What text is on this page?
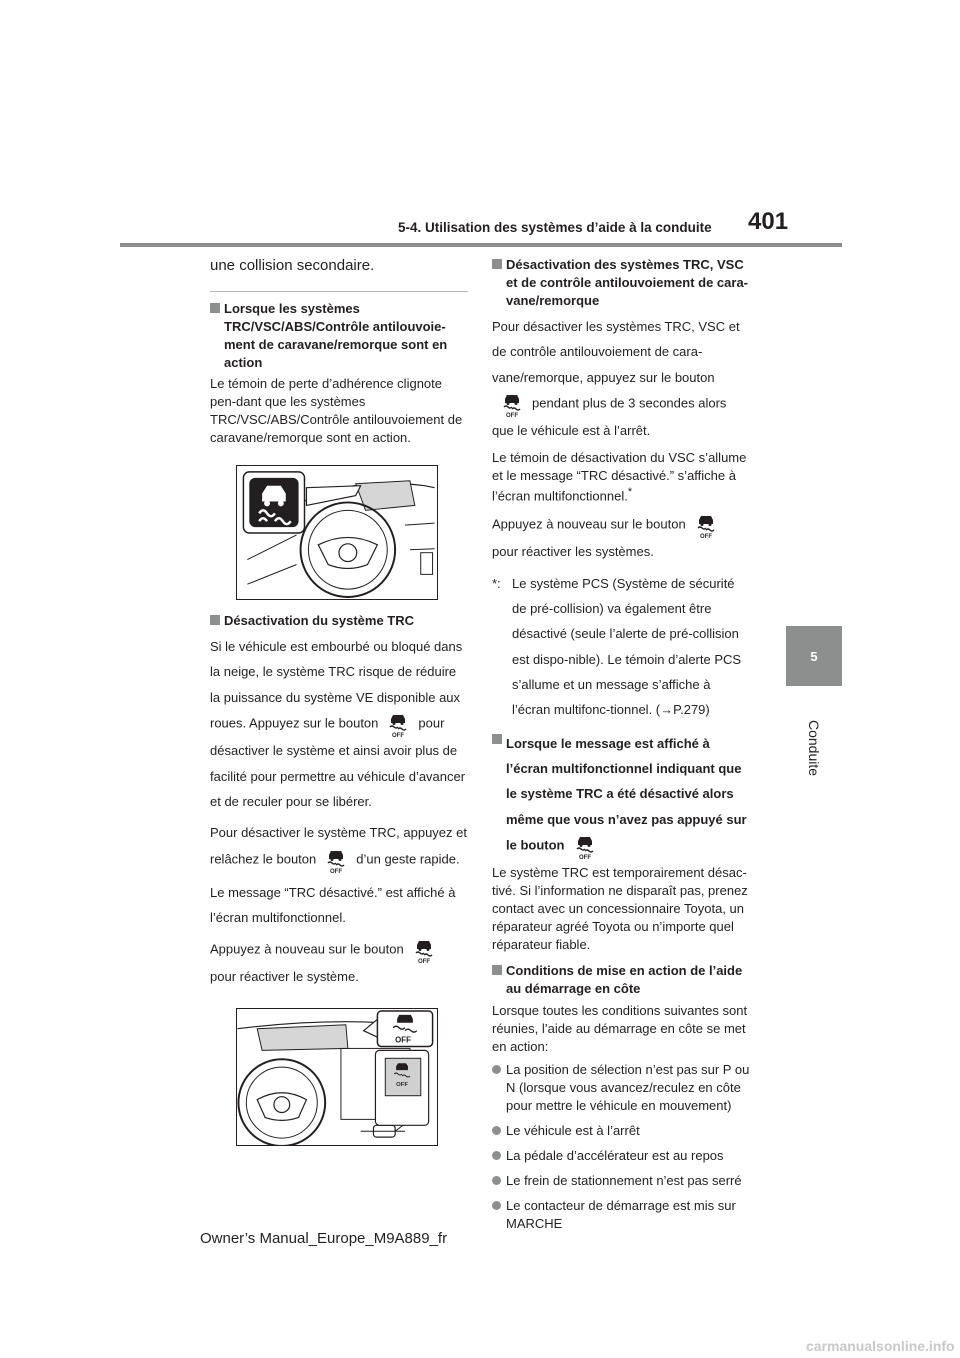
5-4. Utilisation des systèmes d’aide à la conduite 401
5
Conduite

une collision secondaire.

Lorsque les systèmes TRC/VSC/ABS/Contrôle antilouvoie-ment de caravane/remorque sont en action

Le témoin de perte d’adhérence clignote pen-dant que les systèmes TRC/VSC/ABS/Contrôle antilouvoiement de caravane/remorque sont en action.

Désactivation du système TRC

Si le véhicule est embourbé ou bloqué dans la neige, le système TRC risque de réduire la puissance du système VE disponible aux roues. Appuyez sur le bouton
OFF
pour désactiver le système et ainsi avoir plus de facilité pour permettre au véhicule d’avancer et de reculer pour se libérer.

Pour désactiver le système TRC, appuyez et relâchez le bouton
OFF
d’un geste rapide.

Le message “TRC désactivé.” est affiché à l’écran multifonctionnel.

Appuyez à nouveau sur le bouton
OFF
pour réactiver le système.

OFF
OFF
Désactivation des systèmes TRC, VSC et de contrôle antilouvoiement de cara-vane/remorque

Pour désactiver les systèmes TRC, VSC et de contrôle antilouvoiement de cara-vane/remorque, appuyez sur le bouton
OFF
pendant plus de 3 secondes alors que le véhicule est à l’arrêt.

Le témoin de désactivation du VSC s’allume et le message “TRC désactivé.” s’affiche à l’écran multifonctionnel.*

Appuyez à nouveau sur le bouton
OFF
pour réactiver les systèmes.

*: Le système PCS (Système de sécurité de pré-collision) va également être désactivé (seule l’alerte de pré-collision est dispo-nible). Le témoin d’alerte PCS s’allume et un message s’affiche à l’écran multifonc-tionnel. (→P.279)
Lorsque le message est affiché à l’écran multifonctionnel indiquant que le système TRC a été désactivé alors même que vous n’avez pas appuyé sur le bouton
OFF

Le système TRC est temporairement désac-tivé. Si l’information ne disparaît pas, prenez contact avec un concessionnaire Toyota, un réparateur agréé Toyota ou n’importe quel réparateur fiable.

Conditions de mise en action de l’aide au démarrage en côte

Lorsque toutes les conditions suivantes sont réunies, l’aide au démarrage en côte se met en action:

La position de sélection n’est pas sur P ou N (lorsque vous avancez/reculez en côte pour mettre le véhicule en mouvement)
Le véhicule est à l’arrêt
La pédale d’accélérateur est au repos
Le frein de stationnement n’est pas serré
Le contacteur de démarrage est mis sur MARCHE
Owner’s Manual_Europe_M9A889_fr
carmanualsonline.info
